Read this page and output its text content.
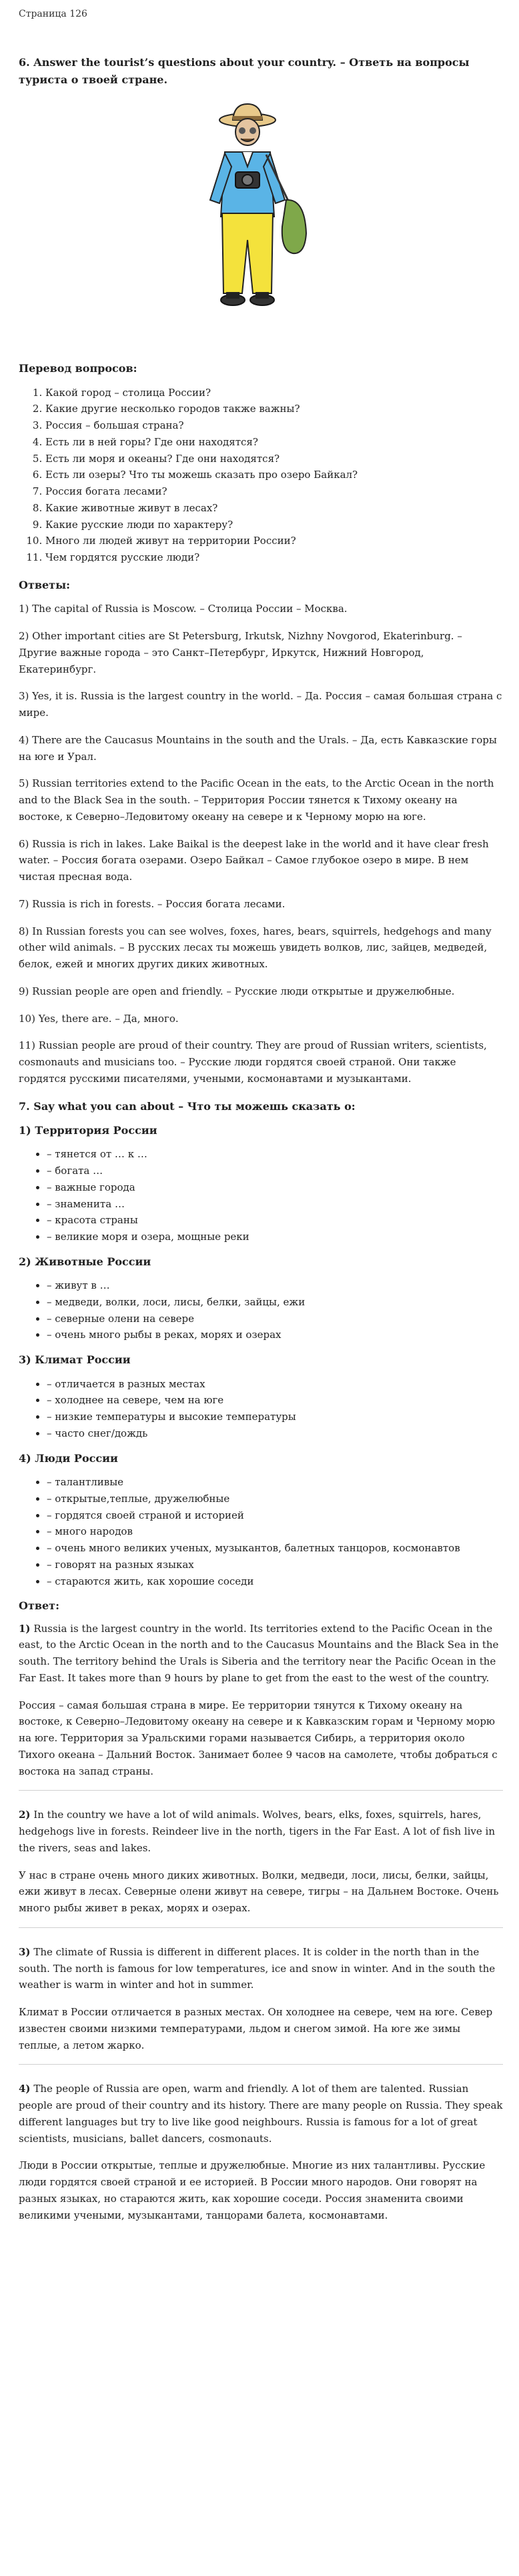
Страница 126
6. Answer the tourist’s questions about your country. – Ответь на вопросы туриста о твоей стране.
Перевод вопросов:
1. Какой город – столица России?
2. Какие другие несколько городов также важны?
3. Россия – большая страна?
4. Есть ли в ней горы? Где они находятся?
5. Есть ли моря и океаны? Где они находятся?
6. Есть ли озеры? Что ты можешь сказать про озеро Байкал?
7. Россия богата лесами?
8. Какие животные живут в лесах?
9. Какие русские люди по характеру?
10. Много ли людей живут на территории России?
11. Чем гордятся русские люди?
Ответы:

1) The capital of Russia is Moscow. – Столица России – Москва.

2) Other important cities are St Petersburg, Irkutsk, Nizhny Novgorod, Ekaterinburg. – Другие важные города – это Санкт–Петербург, Иркутск, Нижний Новгород, Екатеринбург.

3) Yes, it is. Russia is the largest country in the world. – Да. Россия – самая большая страна с мире.

4) There are the Caucasus Mountains in the south and the Urals. – Да, есть Кавказские горы на юге и Урал.

5) Russian territories extend to the Pacific Ocean in the eats, to the Arctic Ocean in the north and to the Black Sea in the south. – Территория России тянется к Тихому океану на востоке, к Северно–Ледовитому океану на севере и к Черному морю на юге.

6) Russia is rich in lakes. Lake Baikal is the deepest lake in the world and it have clear fresh water. – Россия богата озерами. Озеро Байкал – Самое глубокое озеро в мире. В нем чистая пресная вода.

7) Russia is rich in forests. – Россия богата лесами.

8) In Russian forests you can see wolves, foxes, hares, bears, squirrels, hedgehogs and many other wild animals. – В русских лесах ты можешь увидеть волков, лис, зайцев, медведей, белок, ежей и многих других диких животных.

9) Russian people are open and friendly. – Русские люди открытые и дружелюбные.

10) Yes, there are. – Да, много.

11) Russian people are proud of their country. They are proud of Russian writers, scientists, cosmonauts and musicians too. – Русские люди гордятся своей страной. Они также гордятся русскими писателями, учеными, космонавтами и музыкантами.

7. Say what you can about – Что ты можешь сказать о:
1) Территория России
• – тянется от … к …
• – богата …
• – важные города
• – знаменита …
• – красота страны
• – великие моря и озера, мощные реки
2) Животные России
• – живут в …
• – медведи, волки, лоси, лисы, белки, зайцы, ежи
• – северные олени на севере
• – очень много рыбы в реках, морях и озерах
3) Климат России
• – отличается в разных местах
• – холоднее на севере, чем на юге
• – низкие температуры и высокие температуры
• – часто снег/дождь
4) Люди России
• – талантливые
• – открытые,теплые, дружелюбные
• – гордятся своей страной и историей
• – много народов
• – очень много великих ученых, музыкантов, балетных танцоров, космонавтов
• – говорят на разных языках
• – стараются жить, как хорошие соседи
Ответ:

1) Russia is the largest country in the world. Its territories extend to the Pacific Ocean in the east, to the Arctic Ocean in the north and to the Caucasus Mountains and the Black Sea in the south. The territory behind the Urals is Siberia and the territory near the Pacific Ocean in the Far East. It takes more than 9 hours by plane to get from the east to the west of the country.

Россия – самая большая страна в мире. Ее территории тянутся к Тихому океану на востоке, к Северно–Ледовитому океану на севере и к Кавказским горам и Черному морю на юге. Территория за Уральскими горами называется Сибирь, а территория около Тихого океана – Дальний Восток. Занимает более 9 часов на самолете, чтобы добраться с востока на запад страны.

2) In the country we have a lot of wild animals. Wolves, bears, elks, foxes, squirrels, hares, hedgehogs live in forests. Reindeer live in the north, tigers in the Far East. A lot of fish live in the rivers, seas and lakes.

У нас в стране очень много диких животных. Волки, медведи, лоси, лисы, белки, зайцы, ежи живут в лесах. Северные олени живут на севере, тигры – на Дальнем Востоке. Очень много рыбы живет в реках, морях и озерах.

3) The climate of Russia is different in different places. It is colder in the north than in the south. The north is famous for low temperatures, ice and snow in winter. And in the south the weather is warm in winter and hot in summer.

Климат в России отличается в разных местах. Он холоднее на севере, чем на юге. Север известен своими низкими температурами, льдом и снегом зимой. На юге же зимы теплые, а летом жарко.

4) The people of Russia are open, warm and friendly. A lot of them are talented. Russian people are proud of their country and its history. There are many people on Russia. They speak different languages but try to live like good neighbours. Russia is famous for a lot of great scientists, musicians, ballet dancers, cosmonauts.

Люди в России открытые, теплые и дружелюбные. Многие из них талантливы. Русские люди гордятся своей страной и ее историей. В России много народов. Они говорят на разных языках, но стараются жить, как хорошие соседи. Россия знаменита своими великими учеными, музыкантами, танцорами балета, космонавтами.
